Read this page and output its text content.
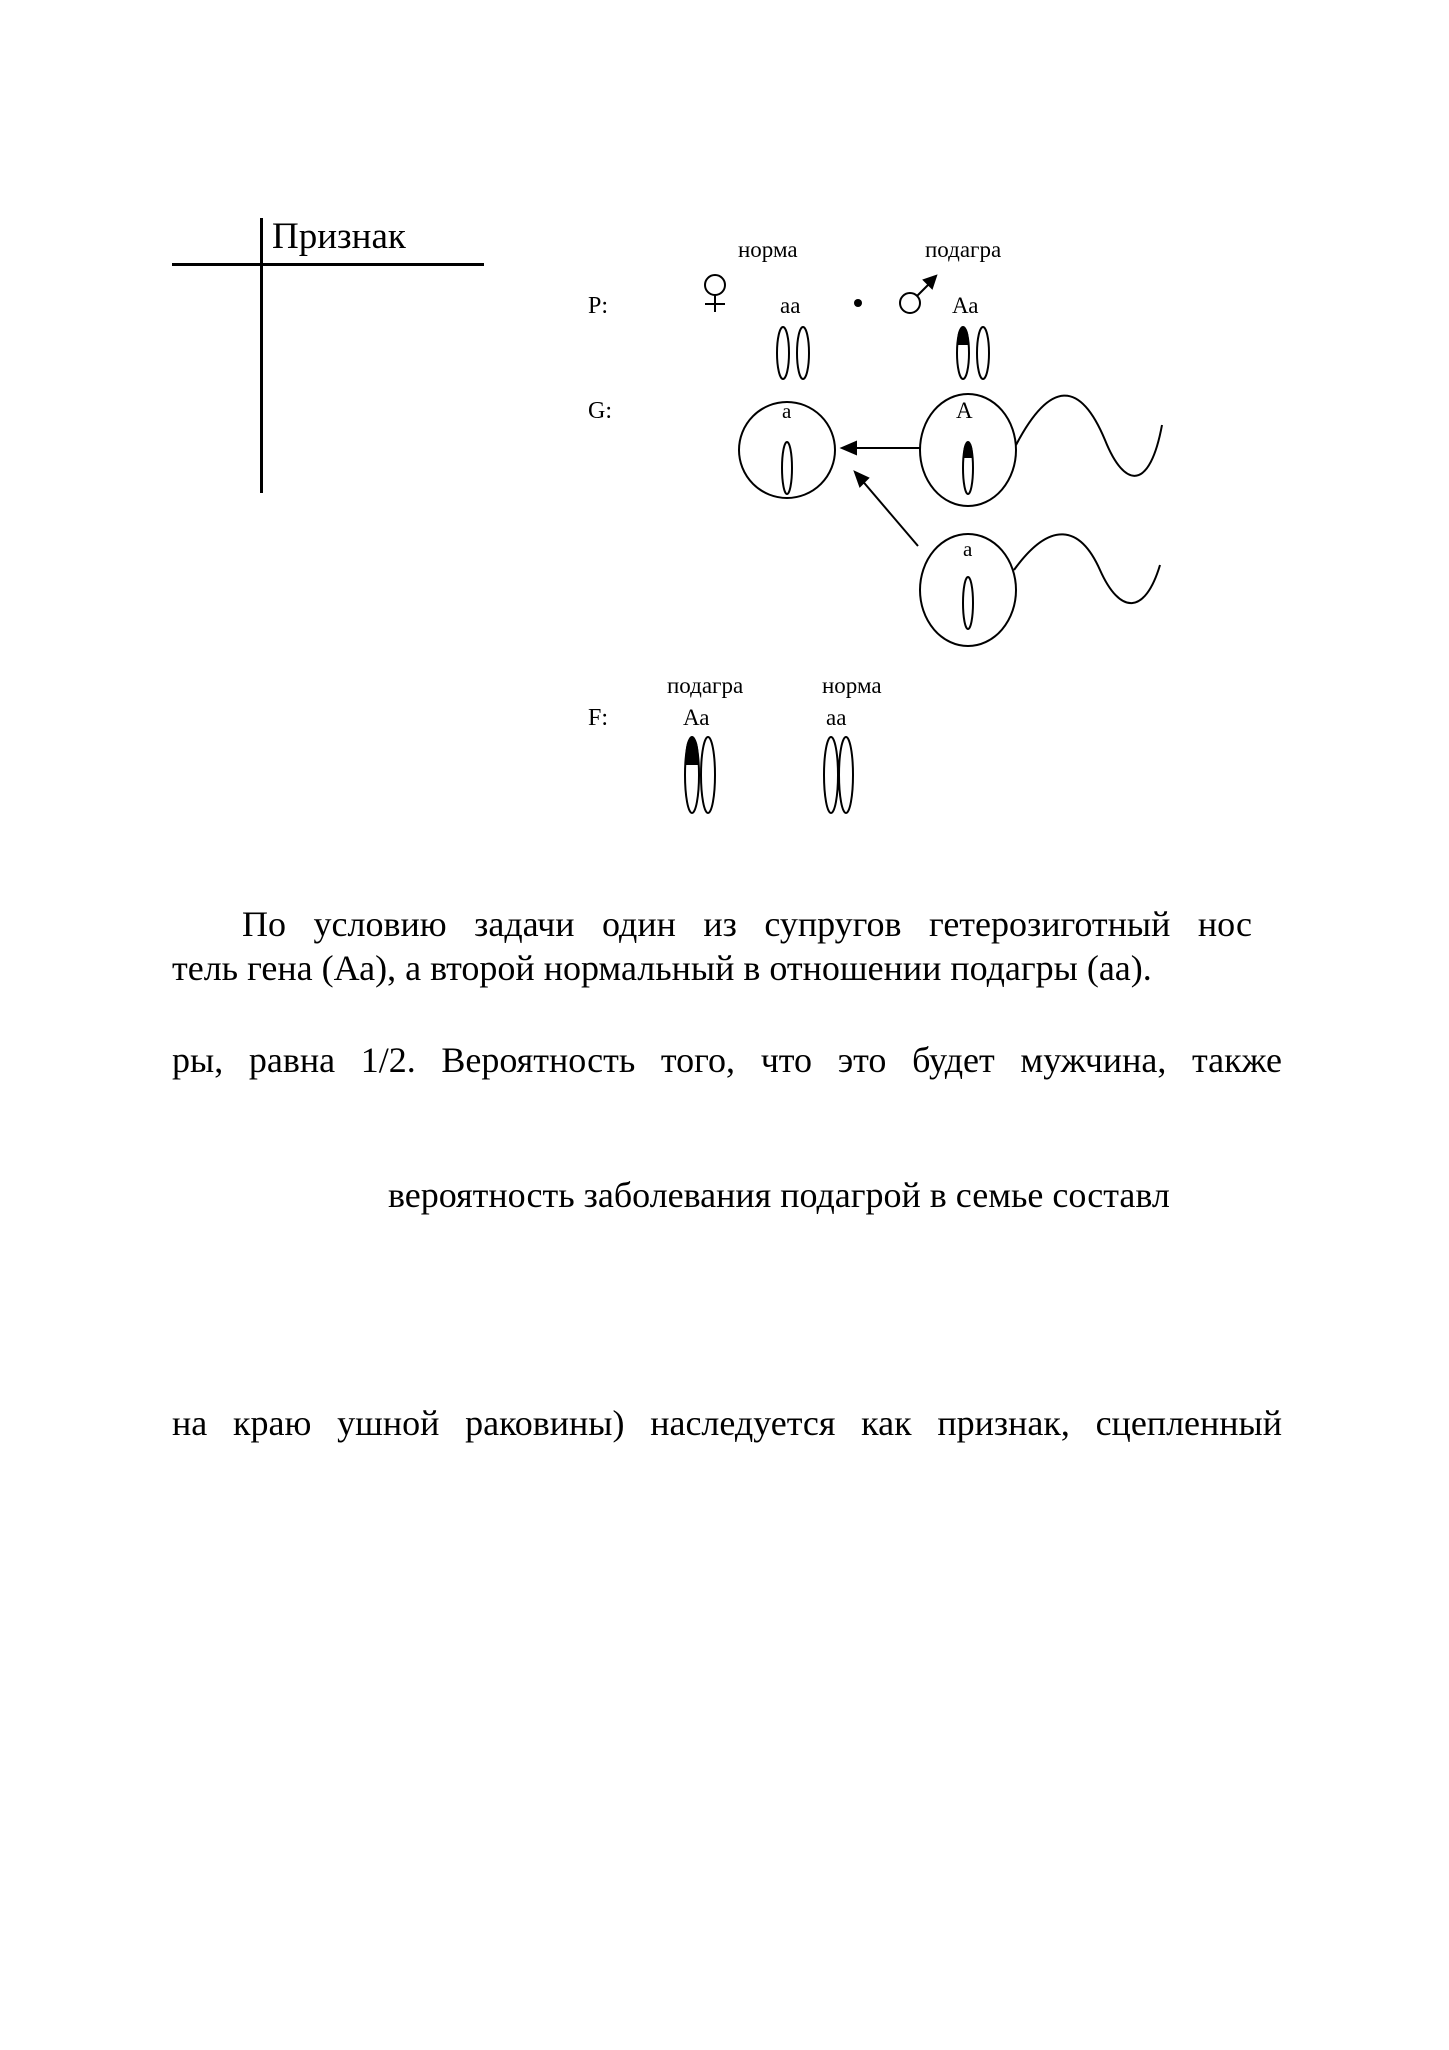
Признак
P:
G:
F:
норма	подагра
аа	Аа
а	А
а
подагра	норма
Аа	аа
По условию задачи один из супругов гетерозиготный нос
тель гена (Аа), а второй нормальный в отношении подагры (аа).
ры, равна 1/2. Вероятность того, что это будет мужчина, также
вероятность заболевания подагрой в семье составл
на краю ушной раковины) наследуется как признак, сцепленный
